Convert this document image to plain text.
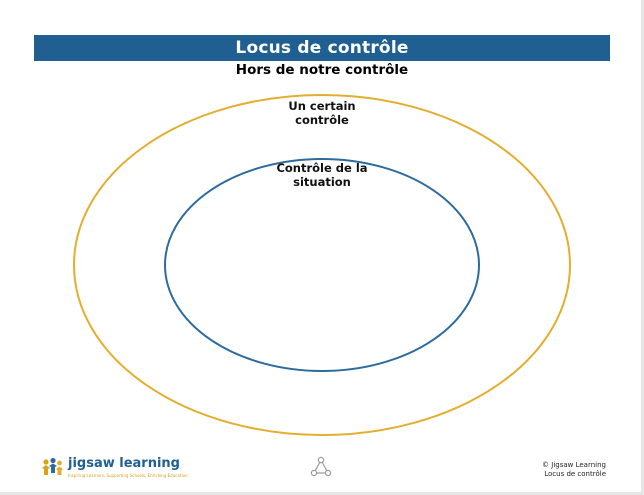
Locus de contrôle
Hors de notre contrôle
Un certain contrôle
Contrôle de la situation
jigsaw learning
Inspiring Learners, Supporting Schools, Enriching Education
© Jigsaw Learning
Locus de contrôle
